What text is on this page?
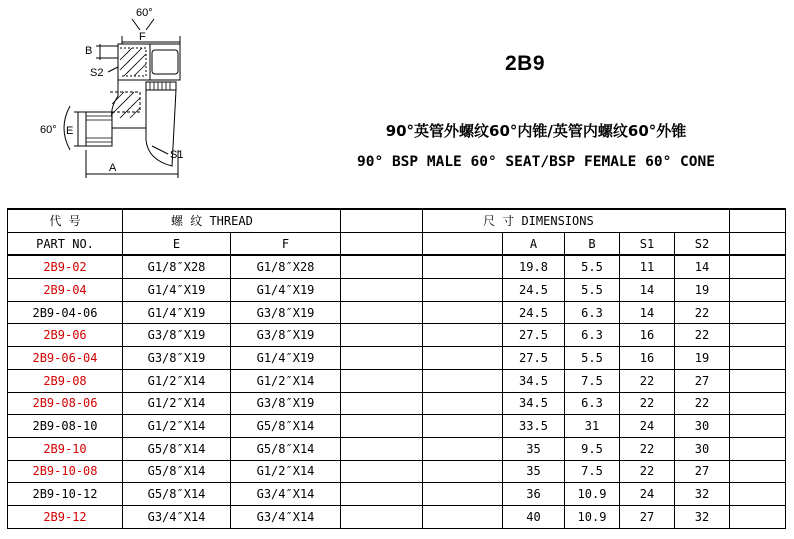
60°
F
B
S2
E
60°
S1
A
2B9
90°英管外螺纹60°内锥/英管内螺纹60°外锥
90° BSP MALE 60° SEAT/BSP FEMALE 60° CONE
代 号	螺 纹 THREAD			尺 寸 DIMENSIONS					
PART NO.	E	F			A	B	S1	S2	
2B9-02	G1/8″X28	G1/8″X28			19.8	5.5	11	14	
2B9-04	G1/4″X19	G1/4″X19			24.5	5.5	14	19	
2B9-04-06	G1/4″X19	G3/8″X19			24.5	6.3	14	22	
2B9-06	G3/8″X19	G3/8″X19			27.5	6.3	16	22	
2B9-06-04	G3/8″X19	G1/4″X19			27.5	5.5	16	19	
2B9-08	G1/2″X14	G1/2″X14			34.5	7.5	22	27	
2B9-08-06	G1/2″X14	G3/8″X19			34.5	6.3	22	22	
2B9-08-10	G1/2″X14	G5/8″X14			33.5	31	24	30	
2B9-10	G5/8″X14	G5/8″X14			35	9.5	22	30	
2B9-10-08	G5/8″X14	G1/2″X14			35	7.5	22	27	
2B9-10-12	G5/8″X14	G3/4″X14			36	10.9	24	32	
2B9-12	G3/4″X14	G3/4″X14			40	10.9	27	32	
